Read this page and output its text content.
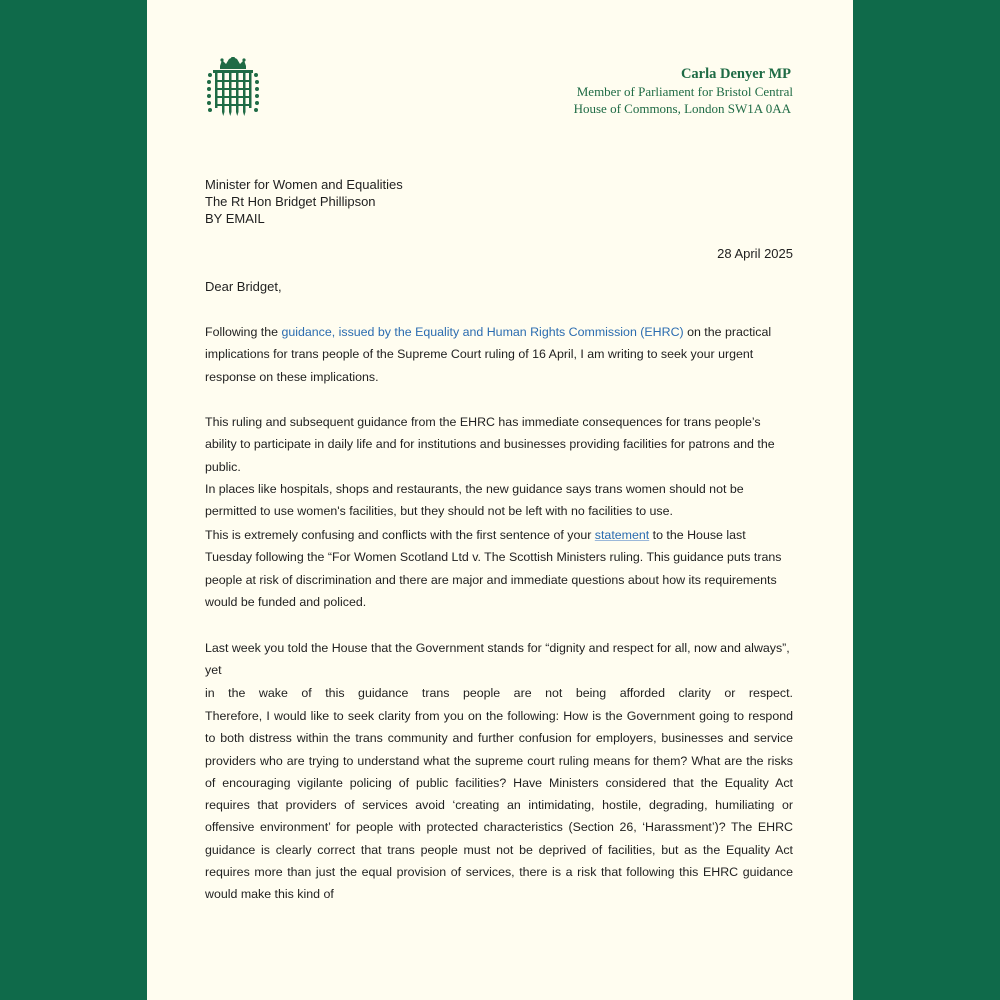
Carla Denyer MP
Member of Parliament for Bristol Central
House of Commons, London SW1A 0AA
Minister for Women and Equalities
The Rt Hon Bridget Phillipson
BY EMAIL
28 April 2025
Dear Bridget,

Following the guidance, issued by the Equality and Human Rights Commission (EHRC) on the practical implications for trans people of the Supreme Court ruling of 16 April, I am writing to seek your urgent response on these implications.

This ruling and subsequent guidance from the EHRC has immediate consequences for trans people’s ability to participate in daily life and for institutions and businesses providing facilities for patrons and the public.

In places like hospitals, shops and restaurants, the new guidance says trans women should not be permitted to use women's facilities, but they should not be left with no facilities to use.

This is extremely confusing and conflicts with the first sentence of your statement to the House last Tuesday following the “For Women Scotland Ltd v. The Scottish Ministers ruling. This guidance puts trans people at risk of discrimination and there are major and immediate questions about how its requirements would be funded and policed.

Last week you told the House that the Government stands for “dignity and respect for all, now and always”, yet

in the wake of this guidance trans people are not being afforded clarity or respect.

Therefore, I would like to seek clarity from you on the following: How is the Government going to respond to both distress within the trans community and further confusion for employers, businesses and service providers who are trying to understand what the supreme court ruling means for them? What are the risks of encouraging vigilante policing of public facilities? Have Ministers considered that the Equality Act requires that providers of services avoid ‘creating an intimidating, hostile, degrading, humiliating or offensive environment’ for people with protected characteristics (Section 26, ‘Harassment’)? The EHRC guidance is clearly correct that trans people must not be deprived of facilities, but as the Equality Act requires more than just the equal provision of services, there is a risk that following this EHRC guidance would make this kind of
